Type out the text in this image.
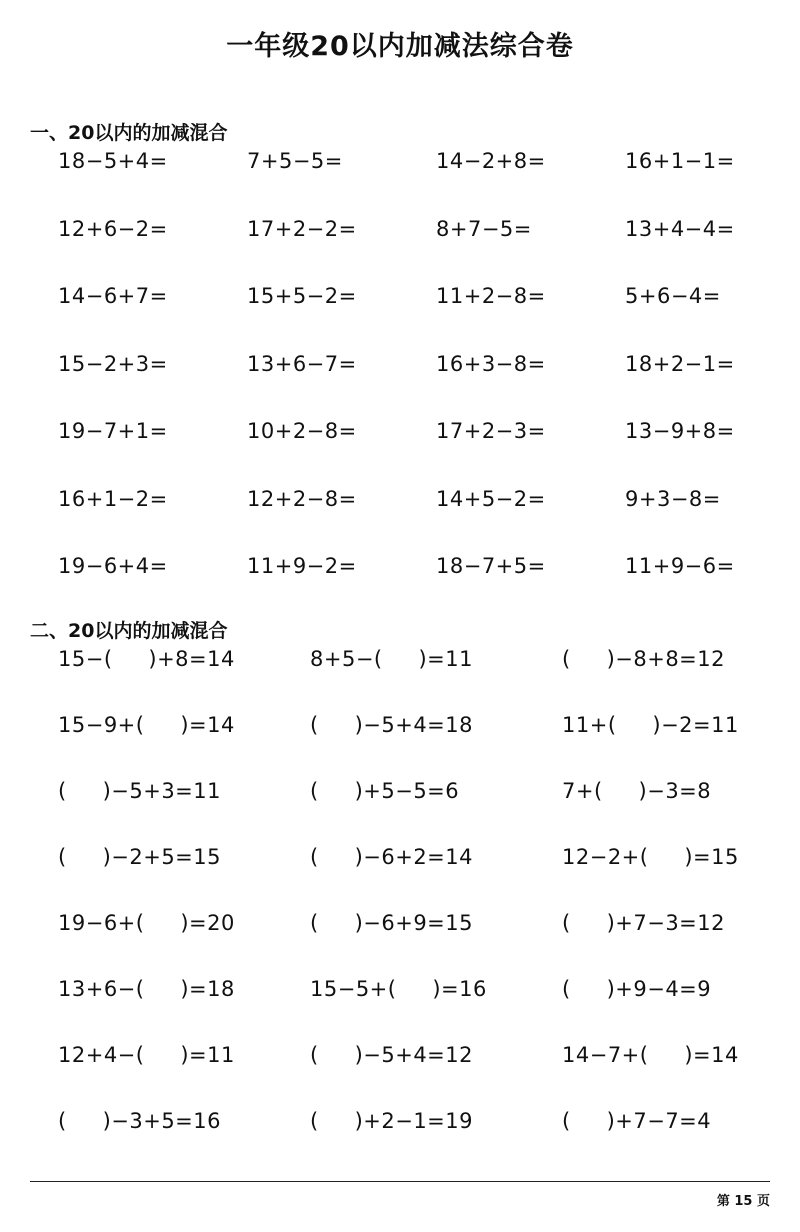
一年级20以内加减法综合卷
一、20以内的加减混合
18−5+4=	7+5−5=	14−2+8=	16+1−1=
12+6−2=	17+2−2=	8+7−5=	13+4−4=
14−6+7=	15+5−2=	11+2−8=	5+6−4=
15−2+3=	13+6−7=	16+3−8=	18+2−1=
19−7+1=	10+2−8=	17+2−3=	13−9+8=
16+1−2=	12+2−8=	14+5−2=	9+3−8=
19−6+4=	11+9−2=	18−7+5=	11+9−6=
二、20以内的加减混合
15−(     )+8=14	8+5−(     )=11	(     )−8+8=12
15−9+(     )=14	(     )−5+4=18	11+(     )−2=11
(     )−5+3=11	(     )+5−5=6	7+(     )−3=8
(     )−2+5=15	(     )−6+2=14	12−2+(     )=15
19−6+(     )=20	(     )−6+9=15	(     )+7−3=12
13+6−(     )=18	15−5+(     )=16	(     )+9−4=9
12+4−(     )=11	(     )−5+4=12	14−7+(     )=14
(     )−3+5=16	(     )+2−1=19	(     )+7−7=4
第 15 页
